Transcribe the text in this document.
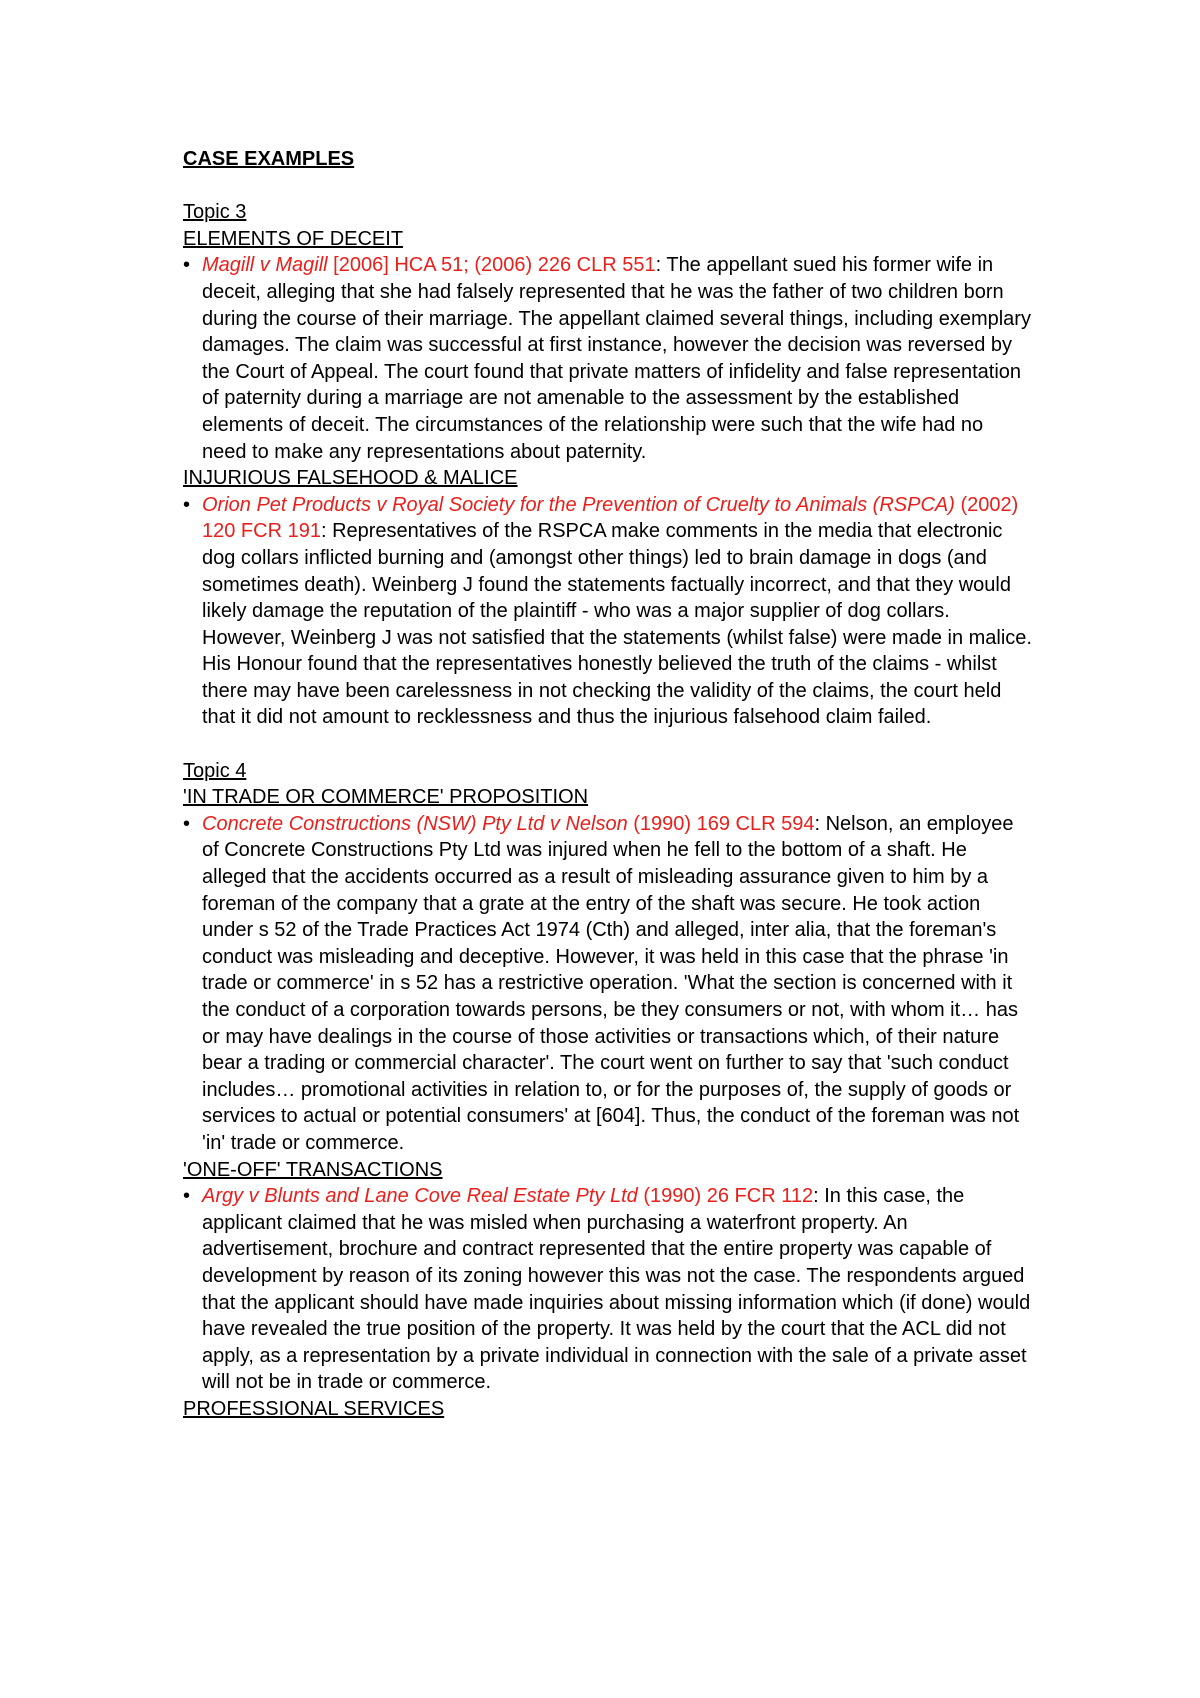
CASE EXAMPLES
Topic 3
ELEMENTS OF DECEIT
• Magill v Magill [2006] HCA 51; (2006) 226 CLR 551: The appellant sued his former wife in deceit, alleging that she had falsely represented that he was the father of two children born during the course of their marriage. The appellant claimed several things, including exemplary damages. The claim was successful at first instance, however the decision was reversed by the Court of Appeal. The court found that private matters of infidelity and false representation of paternity during a marriage are not amenable to the assessment by the established elements of deceit. The circumstances of the relationship were such that the wife had no need to make any representations about paternity.
INJURIOUS FALSEHOOD & MALICE
• Orion Pet Products v Royal Society for the Prevention of Cruelty to Animals (RSPCA) (2002) 120 FCR 191: Representatives of the RSPCA make comments in the media that electronic dog collars inflicted burning and (amongst other things) led to brain damage in dogs (and sometimes death). Weinberg J found the statements factually incorrect, and that they would likely damage the reputation of the plaintiff - who was a major supplier of dog collars. However, Weinberg J was not satisfied that the statements (whilst false) were made in malice. His Honour found that the representatives honestly believed the truth of the claims - whilst there may have been carelessness in not checking the validity of the claims, the court held that it did not amount to recklessness and thus the injurious falsehood claim failed.
Topic 4
'IN TRADE OR COMMERCE' PROPOSITION
• Concrete Constructions (NSW) Pty Ltd v Nelson (1990) 169 CLR 594: Nelson, an employee of Concrete Constructions Pty Ltd was injured when he fell to the bottom of a shaft. He alleged that the accidents occurred as a result of misleading assurance given to him by a foreman of the company that a grate at the entry of the shaft was secure. He took action under s 52 of the Trade Practices Act 1974 (Cth) and alleged, inter alia, that the foreman's conduct was misleading and deceptive. However, it was held in this case that the phrase 'in trade or commerce' in s 52 has a restrictive operation. 'What the section is concerned with it the conduct of a corporation towards persons, be they consumers or not, with whom it… has or may have dealings in the course of those activities or transactions which, of their nature bear a trading or commercial character'. The court went on further to say that 'such conduct includes… promotional activities in relation to, or for the purposes of, the supply of goods or services to actual or potential consumers' at [604]. Thus, the conduct of the foreman was not 'in' trade or commerce.
'ONE-OFF' TRANSACTIONS
• Argy v Blunts and Lane Cove Real Estate Pty Ltd (1990) 26 FCR 112: In this case, the applicant claimed that he was misled when purchasing a waterfront property. An advertisement, brochure and contract represented that the entire property was capable of development by reason of its zoning however this was not the case. The respondents argued that the applicant should have made inquiries about missing information which (if done) would have revealed the true position of the property. It was held by the court that the ACL did not apply, as a representation by a private individual in connection with the sale of a private asset will not be in trade or commerce.
PROFESSIONAL SERVICES
